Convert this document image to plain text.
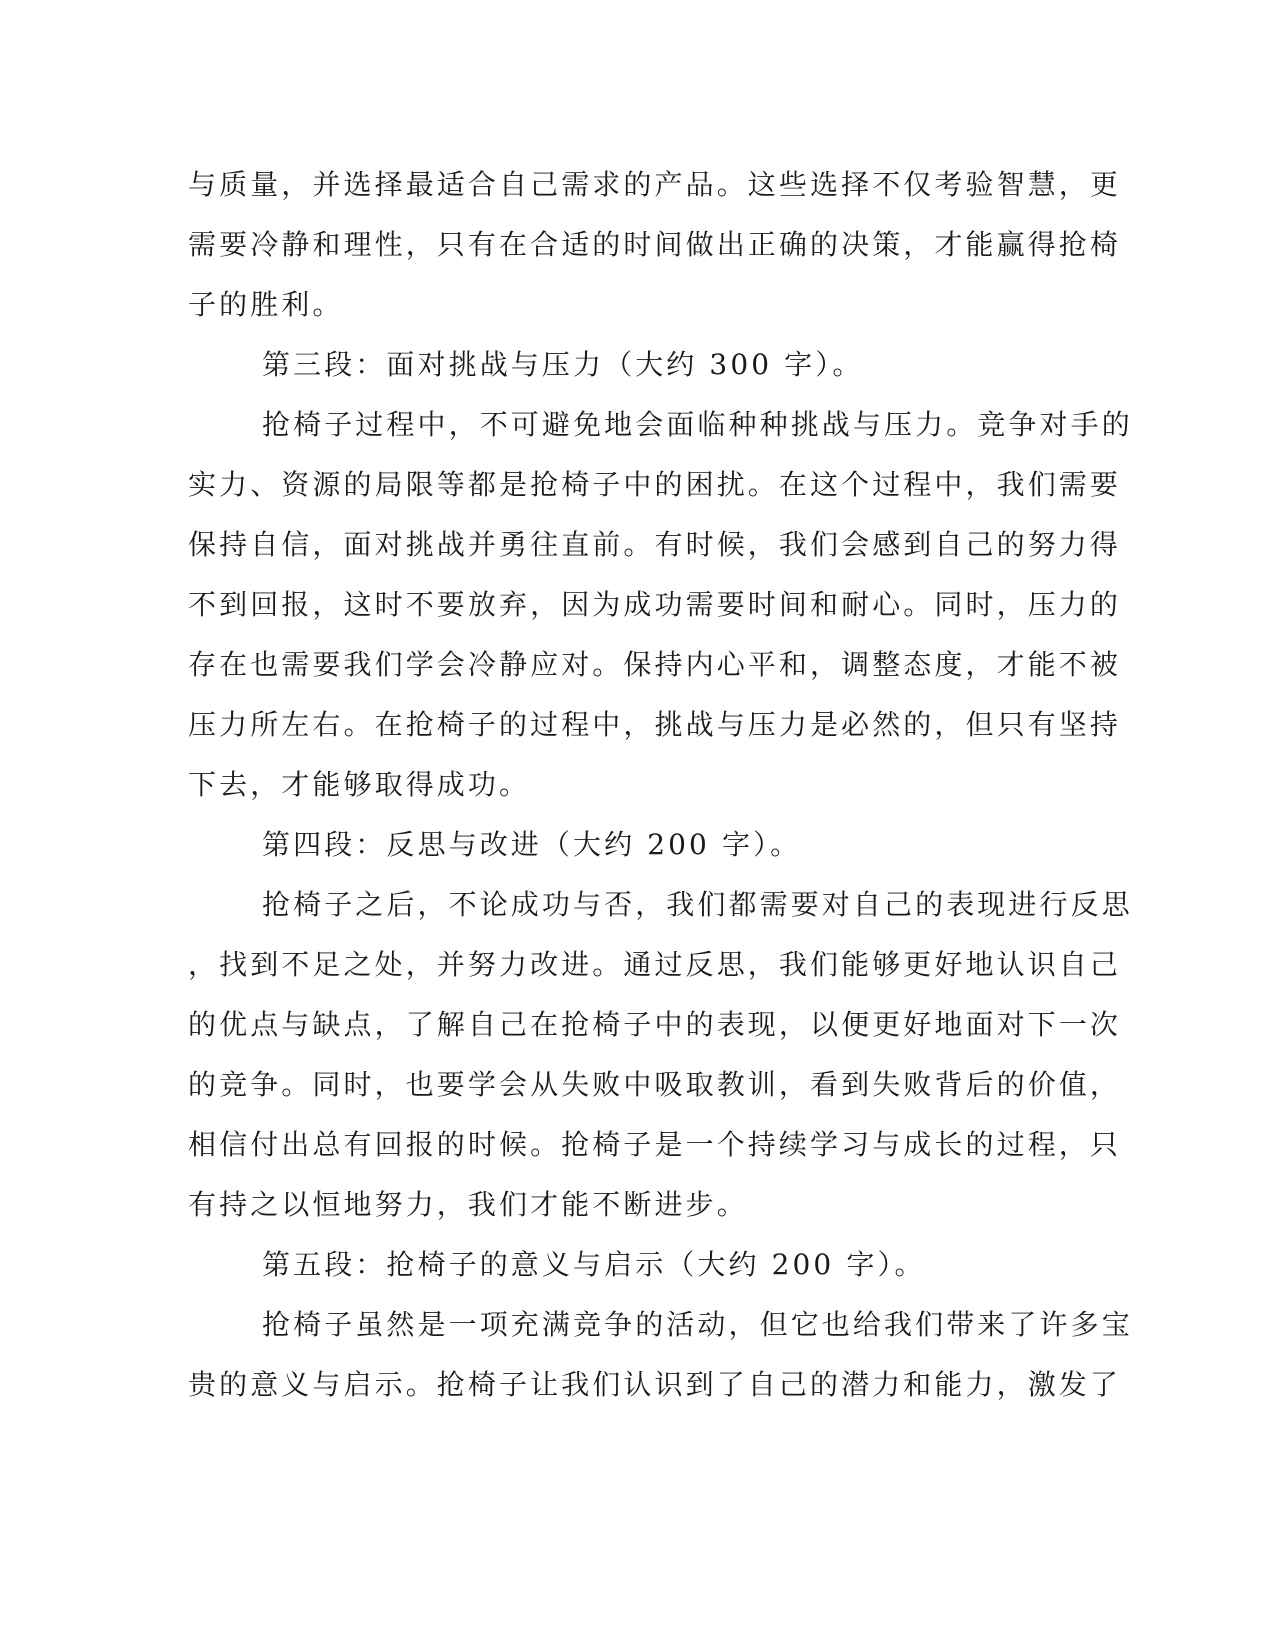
与质量，并选择最适合自己需求的产品。这些选择不仅考验智慧，更
需要冷静和理性，只有在合适的时间做出正确的决策，才能赢得抢椅
子的胜利。
第三段：面对挑战与压力（大约 300 字）。
抢椅子过程中，不可避免地会面临种种挑战与压力。竞争对手的
实力、资源的局限等都是抢椅子中的困扰。在这个过程中，我们需要
保持自信，面对挑战并勇往直前。有时候，我们会感到自己的努力得
不到回报，这时不要放弃，因为成功需要时间和耐心。同时，压力的
存在也需要我们学会冷静应对。保持内心平和，调整态度，才能不被
压力所左右。在抢椅子的过程中，挑战与压力是必然的，但只有坚持
下去，才能够取得成功。
第四段：反思与改进（大约 200 字）。
抢椅子之后，不论成功与否，我们都需要对自己的表现进行反思
，找到不足之处，并努力改进。通过反思，我们能够更好地认识自己
的优点与缺点，了解自己在抢椅子中的表现，以便更好地面对下一次
的竞争。同时，也要学会从失败中吸取教训，看到失败背后的价值，
相信付出总有回报的时候。抢椅子是一个持续学习与成长的过程，只
有持之以恒地努力，我们才能不断进步。
第五段：抢椅子的意义与启示（大约 200 字）。
抢椅子虽然是一项充满竞争的活动，但它也给我们带来了许多宝
贵的意义与启示。抢椅子让我们认识到了自己的潜力和能力，激发了
